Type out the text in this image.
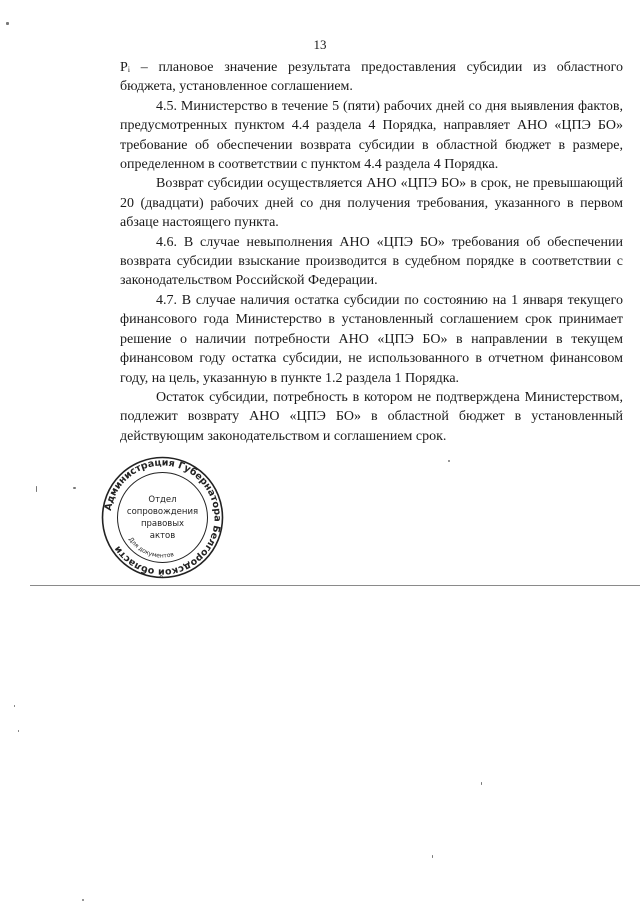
13

Pᵢ – плановое значение результата предоставления субсидии из областного бюджета, установленное соглашением.

4.5. Министерство в течение 5 (пяти) рабочих дней со дня выявления фактов, предусмотренных пунктом 4.4 раздела 4 Порядка, направляет АНО «ЦПЭ БО» требование об обеспечении возврата субсидии в областной бюджет в размере, определенном в соответствии с пунктом 4.4 раздела 4 Порядка.

Возврат субсидии осуществляется АНО «ЦПЭ БО» в срок, не превышающий 20 (двадцати) рабочих дней со дня получения требования, указанного в первом абзаце настоящего пункта.

4.6. В случае невыполнения АНО «ЦПЭ БО» требования об обеспечении возврата субсидии взыскание производится в судебном порядке в соответствии с законодательством Российской Федерации.

4.7. В случае наличия остатка субсидии по состоянию на 1 января текущего финансового года Министерство в установленный соглашением срок принимает решение о наличии потребности АНО «ЦПЭ БО» в направлении в текущем финансовом году остатка субсидии, не использованного в отчетном финансовом году, на цель, указанную в пункте 1.2 раздела 1 Порядка.

Остаток субсидии, потребность в котором не подтверждена Министерством, подлежит возврату АНО «ЦПЭ БО» в областной бюджет в установленный действующим законодательством и соглашением срок.

Администрация Губернатора Белгородской области
Для документов
Отдел
сопровождения
правовых
актов
